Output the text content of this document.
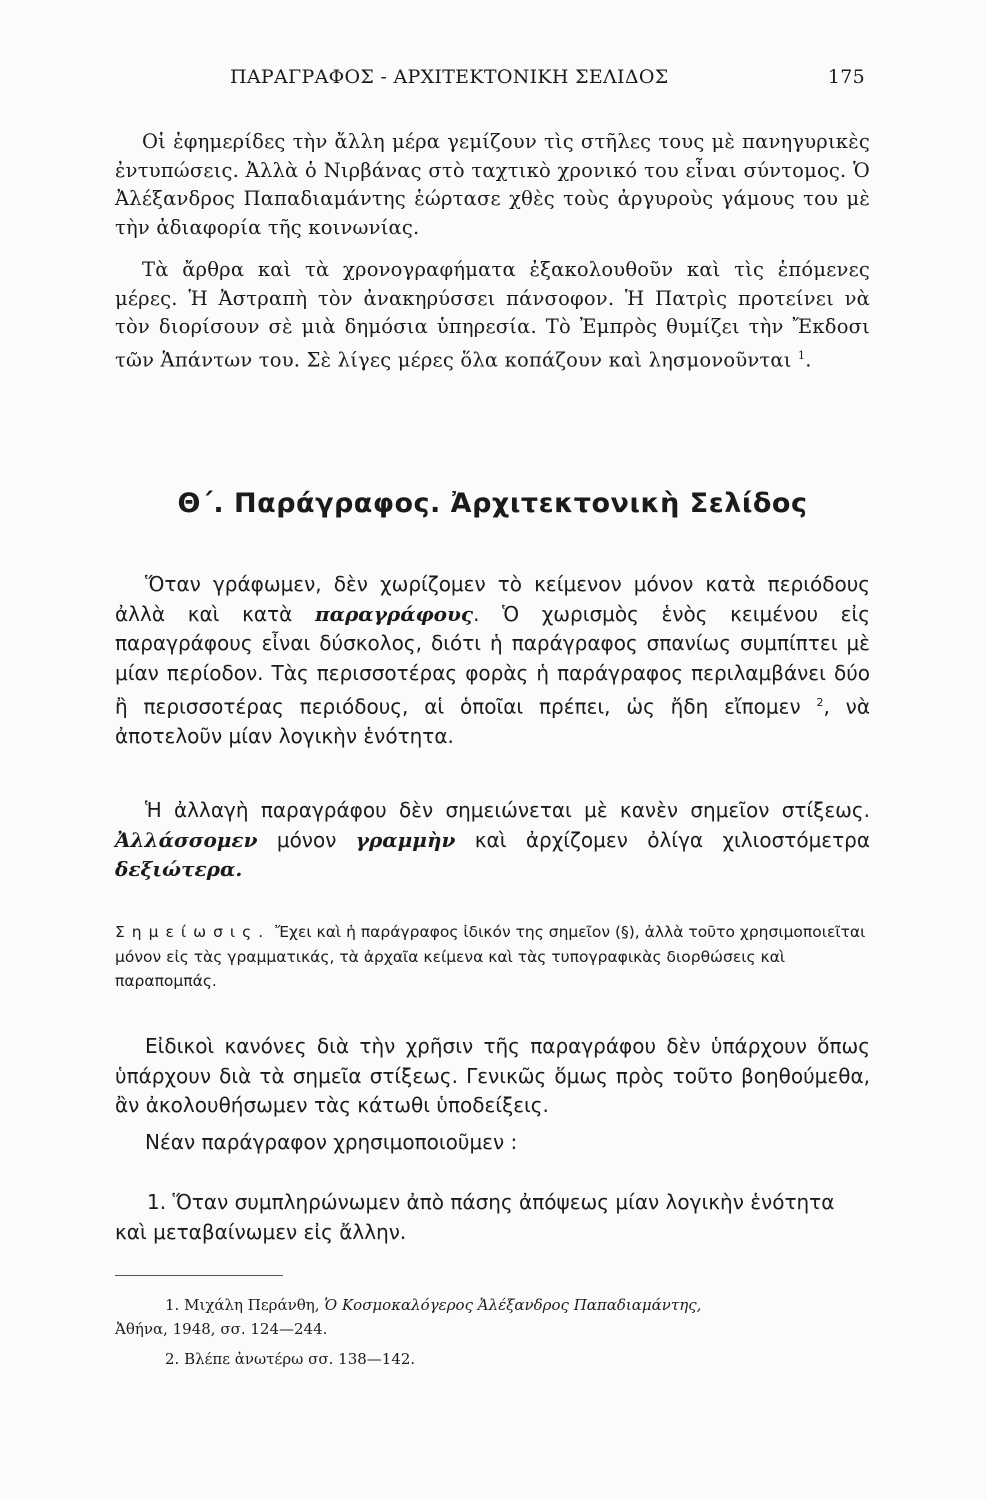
ΠΑΡΑΓΡΑΦΟΣ - ΑΡΧΙΤΕΚΤΟΝΙΚΗ ΣΕΛΙΔΟΣ	175

Οἱ ἐφημερίδες τὴν ἄλλη μέρα γεμίζουν τὶς στῆλες τους μὲ πανηγυρικὲς ἐντυπώσεις. Ἀλλὰ ὁ Νιρβάνας στὸ ταχτικὸ χρονικό του εἶναι σύντομος. Ὁ Ἀλέξανδρος Παπαδιαμάντης ἑώρτασε χθὲς τοὺς ἀργυροὺς γάμους του μὲ τὴν ἀδιαφορία τῆς κοινωνίας.

Τὰ ἄρθρα καὶ τὰ χρονογραφήματα ἐξακολουθοῦν καὶ τὶς ἑπόμενες μέρες. Ἡ Ἀστραπὴ τὸν ἀνακηρύσσει πάνσοφον. Ἡ Πατρὶς προτείνει νὰ τὸν διορίσουν σὲ μιὰ δημόσια ὑπηρεσία. Τὸ Ἐμπρὸς θυμίζει τὴν Ἔκδοσι τῶν Ἁπάντων του. Σὲ λίγες μέρες ὅλα κοπάζουν καὶ λησμονοῦνται $^1$.

Θ΄. Παράγραφος. Ἀρχιτεκτονικὴ Σελίδος

Ὅταν γράφωμεν, δὲν χωρίζομεν τὸ κείμενον μόνον κατὰ περιόδους ἀλλὰ καὶ κατὰ παραγράφους. Ὁ χωρισμὸς ἑνὸς κειμένου εἰς παραγράφους εἶναι δύσκολος, διότι ἡ παράγραφος σπανίως συμπίπτει μὲ μίαν περίοδον. Τὰς περισσοτέρας φορὰς ἡ παράγραφος περιλαμβάνει δύο ἢ περισσοτέρας περιόδους, αἱ ὁποῖαι πρέπει, ὡς ἤδη εἴπομεν $^2$, νὰ ἀποτελοῦν μίαν λογικὴν ἑνότητα.

Ἡ ἀλλαγὴ παραγράφου δὲν σημειώνεται μὲ κανὲν σημεῖον στίξεως. Ἀλλάσσομεν μόνον γραμμὴν καὶ ἀρχίζομεν ὀλίγα χιλιοστόμετρα δεξιώτερα.

Σημείωσις. Ἔχει καὶ ἡ παράγραφος ἰδικόν της σημεῖον (§), ἀλλὰ τοῦτο χρησιμοποιεῖται μόνον εἰς τὰς γραμματικάς, τὰ ἀρχαῖα κείμενα καὶ τὰς τυπογραφικὰς διορθώσεις καὶ παραπομπάς.

Εἰδικοὶ κανόνες διὰ τὴν χρῆσιν τῆς παραγράφου δὲν ὑπάρχουν ὅπως ὑπάρχουν διὰ τὰ σημεῖα στίξεως. Γενικῶς ὅμως πρὸς τοῦτο βοηθούμεθα, ἂν ἀκολουθήσωμεν τὰς κάτωθι ὑποδείξεις.

Νέαν παράγραφον χρησιμοποιοῦμεν :

1. Ὅταν συμπληρώνωμεν ἀπὸ πάσης ἀπόψεως μίαν λογικὴν ἑνότητα καὶ μεταβαίνωμεν εἰς ἄλλην.

1. Μιχάλη Περάνθη, Ὁ Κοσμοκαλόγερος Ἀλέξανδρος Παπαδιαμάντης,
Ἀθήνα, 1948, σσ. 124—244.

2. Βλέπε ἀνωτέρω σσ. 138—142.
